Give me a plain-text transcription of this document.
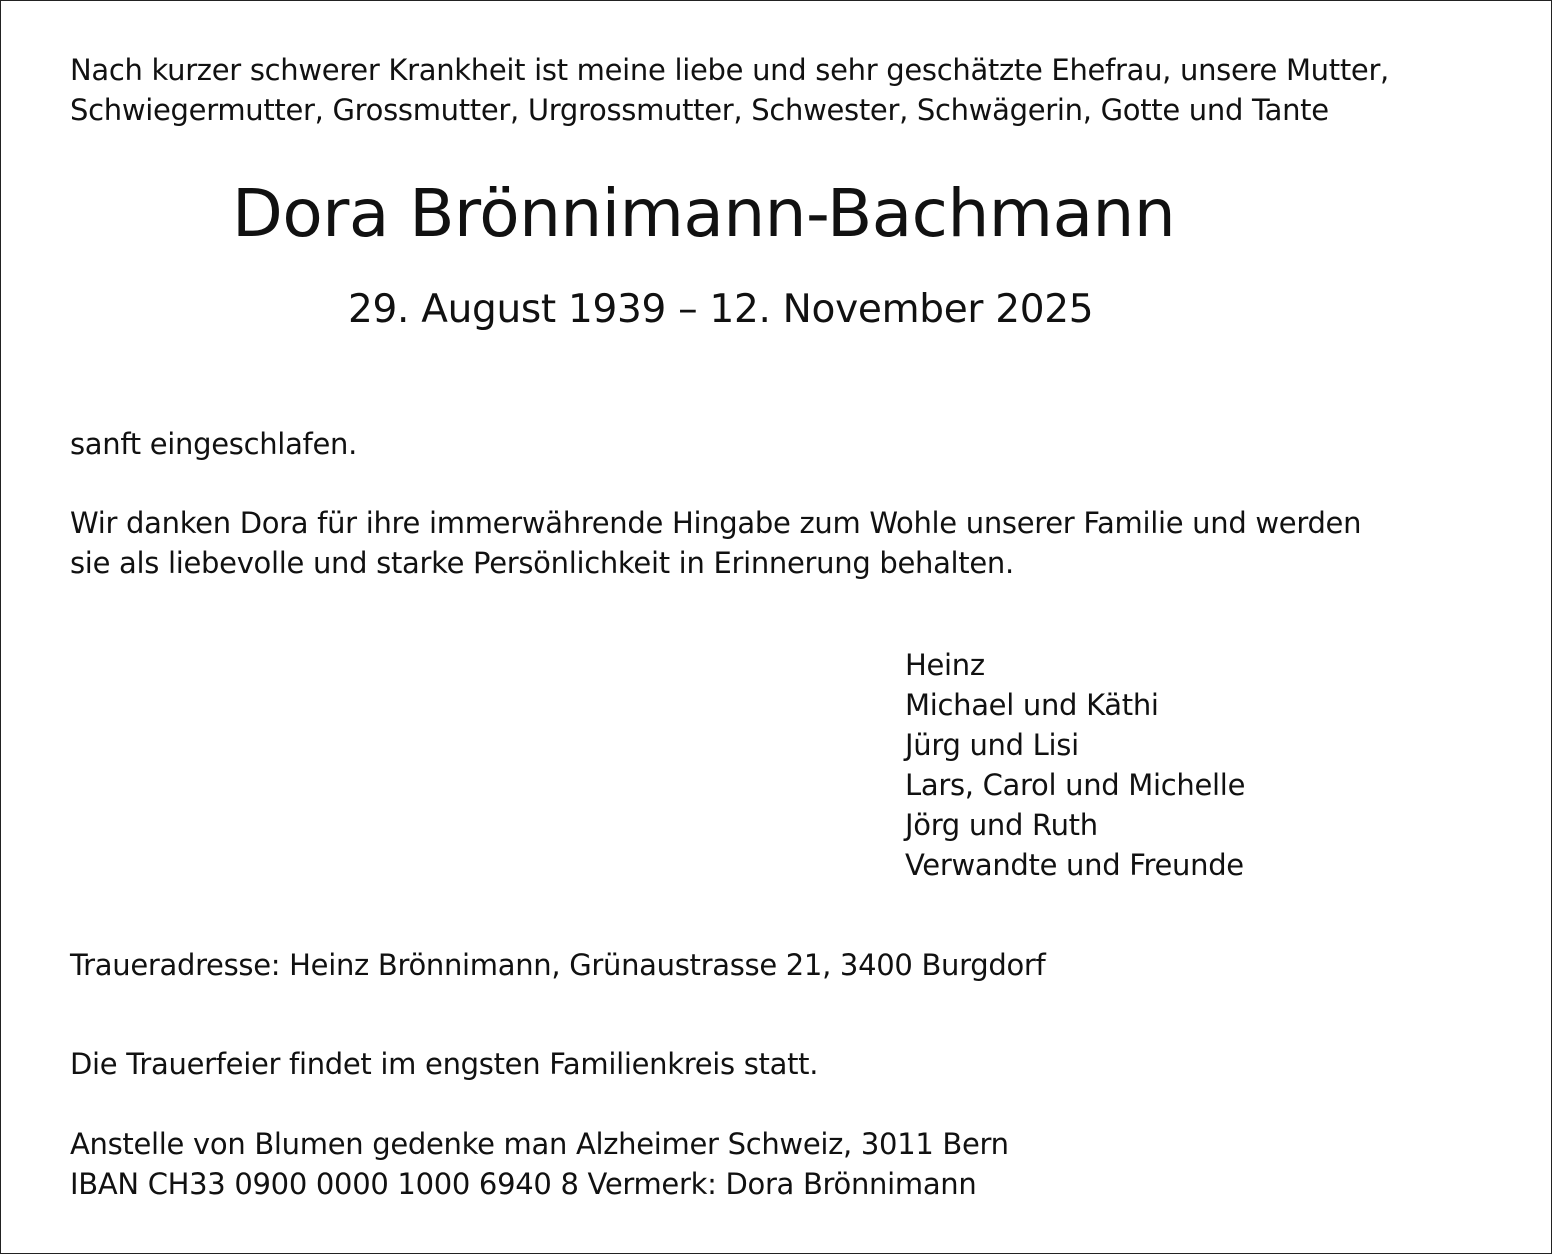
Nach kurzer schwerer Krankheit ist meine liebe und sehr geschätzte Ehefrau, unsere Mutter,
Schwiegermutter, Grossmutter, Urgrossmutter, Schwester, Schwägerin, Gotte und Tante
Dora Brönnimann-Bachmann
29. August 1939 – 12. November 2025
sanft eingeschlafen.
Wir danken Dora für ihre immerwährende Hingabe zum Wohle unserer Familie und werden
sie als liebevolle und starke Persönlichkeit in Erinnerung behalten.
Heinz
Michael und Käthi
Jürg und Lisi
Lars, Carol und Michelle
Jörg und Ruth
Verwandte und Freunde
Traueradresse: Heinz Brönnimann, Grünaustrasse 21, 3400 Burgdorf
Die Trauerfeier findet im engsten Familienkreis statt.
Anstelle von Blumen gedenke man Alzheimer Schweiz, 3011 Bern
IBAN CH33 0900 0000 1000 6940 8 Vermerk: Dora Brönnimann
